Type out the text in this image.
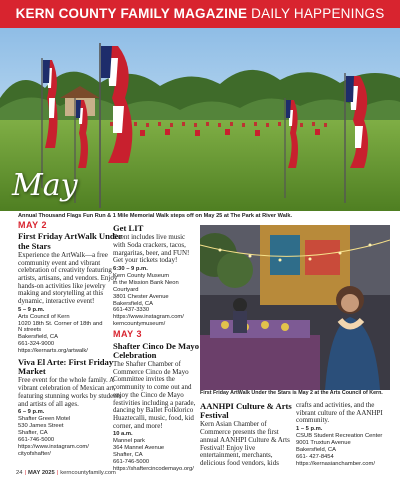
KERN COUNTY FAMILY MAGAZINE DAILY HAPPENINGS
May
Annual Thousand Flags Fun Run & 1 Mile Memorial Walk steps off on May 25 at The Park at River Walk.
MAY 2
First Friday ArtWalk Under the Stars
Experience the ArtWalk—a free community event and vibrant celebration of creativity featuring artists, artisans, and vendors. Enjoy hands-on activities like jewelry making and storytelling at this dynamic, interactive event!
5 – 9 p.m.
Arts Council of Kern
1020 18th St. Corner of 18th and
N streets
Bakersfield, CA
661-324-9000
https://kernarts.org/artwalk/
Viva El Arte: First Friday Market
Free event for the whole family. A vibrant celebration of Mexican art, featuring stunning works by students and artists of all ages.
6 – 9 p.m.
Shafter Green Motel
530 James Street
Shafter, CA
661-746-5000
https://www.instagram.com/
cityofshafter/
Get LIT
Event includes live music with Soda crackers, tacos, margaritas, beer, and FUN! Get your tickets today!
6:30 – 9 p.m.
Kern County Museum
in the Mission Bank Neon
Courtyard
3801 Chester Avenue
Bakersfield, CA
661-437-3330
https://www.instagram.com/
kerncountymuseum/
MAY 3
Shafter Cinco De Mayo Celebration
The Shafter Chamber of Commerce Cinco de Mayo Committee invites the community to come out and enjoy the Cinco de Mayo festivities including a parade, dancing by Ballet Folklorico Huaztecalli, music, food, kid corner, and more!
10 a.m.
Mannel park
364 Mannel Avenue
Shafter, CA
661-746-5000
https://shaftercincodemayo.org/
First Friday ArtWalk Under the Stars is May 2 at the Arts Council of Kern.
AANHPI Culture & Arts Festival
Kern Asian Chamber of Commerce presents the first annual AANHPI Culture & Arts Festival! Enjoy live entertainment, merchants, delicious food vendors, kids
crafts and activities, and the vibrant culture of the AANHPI community.
1 – 5 p.m.
CSUB Student Recreation Center
9001 Truxtun Avenue
Bakersfield, CA
661- 427-8454
https://kernasianchamber.com/
24 | MAY 2025 | kerncountyfamily.com
